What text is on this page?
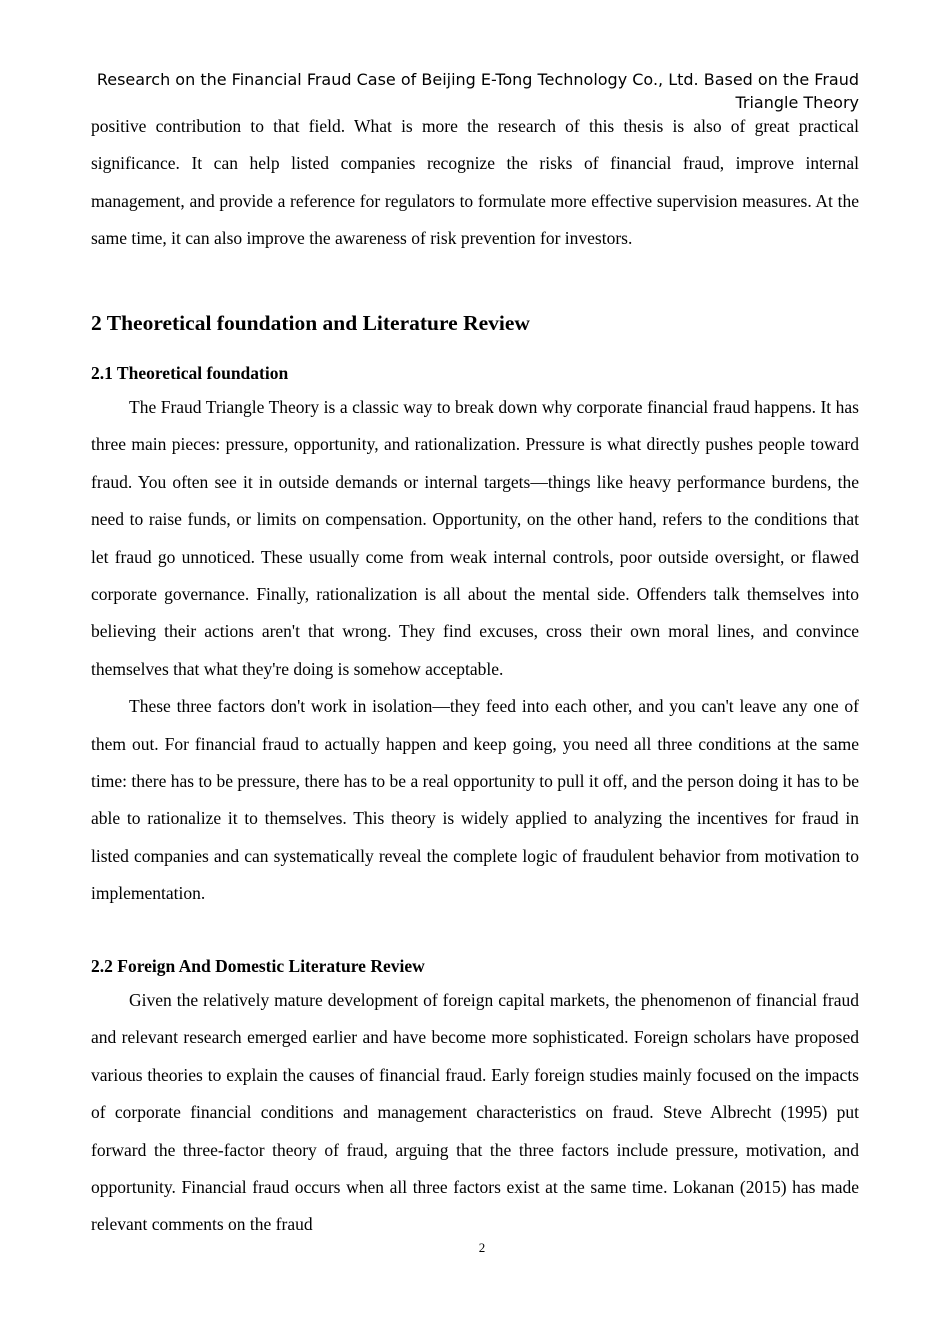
Research on the Financial Fraud Case of Beijing E-Tong Technology Co., Ltd. Based on the Fraud Triangle Theory

positive contribution to that field. What is more the research of this thesis is also of great practical significance. It can help listed companies recognize the risks of financial fraud, improve internal management, and provide a reference for regulators to formulate more effective supervision measures. At the same time, it can also improve the awareness of risk prevention for investors.

2 Theoretical foundation and Literature Review
2.1 Theoretical foundation

The Fraud Triangle Theory is a classic way to break down why corporate financial fraud happens. It has three main pieces: pressure, opportunity, and rationalization. Pressure is what directly pushes people toward fraud. You often see it in outside demands or internal targets—things like heavy performance burdens, the need to raise funds, or limits on compensation. Opportunity, on the other hand, refers to the conditions that let fraud go unnoticed. These usually come from weak internal controls, poor outside oversight, or flawed corporate governance. Finally, rationalization is all about the mental side. Offenders talk themselves into believing their actions aren't that wrong. They find excuses, cross their own moral lines, and convince themselves that what they're doing is somehow acceptable.

These three factors don't work in isolation—they feed into each other, and you can't leave any one of them out. For financial fraud to actually happen and keep going, you need all three conditions at the same time: there has to be pressure, there has to be a real opportunity to pull it off, and the person doing it has to be able to rationalize it to themselves. This theory is widely applied to analyzing the incentives for fraud in listed companies and can systematically reveal the complete logic of fraudulent behavior from motivation to implementation.

2.2 Foreign And Domestic Literature Review

Given the relatively mature development of foreign capital markets, the phenomenon of financial fraud and relevant research emerged earlier and have become more sophisticated. Foreign scholars have proposed various theories to explain the causes of financial fraud. Early foreign studies mainly focused on the impacts of corporate financial conditions and management characteristics on fraud. Steve Albrecht (1995) put forward the three-factor theory of fraud, arguing that the three factors include pressure, motivation, and opportunity. Financial fraud occurs when all three factors exist at the same time. Lokanan (2015) has made relevant comments on the fraud

2
